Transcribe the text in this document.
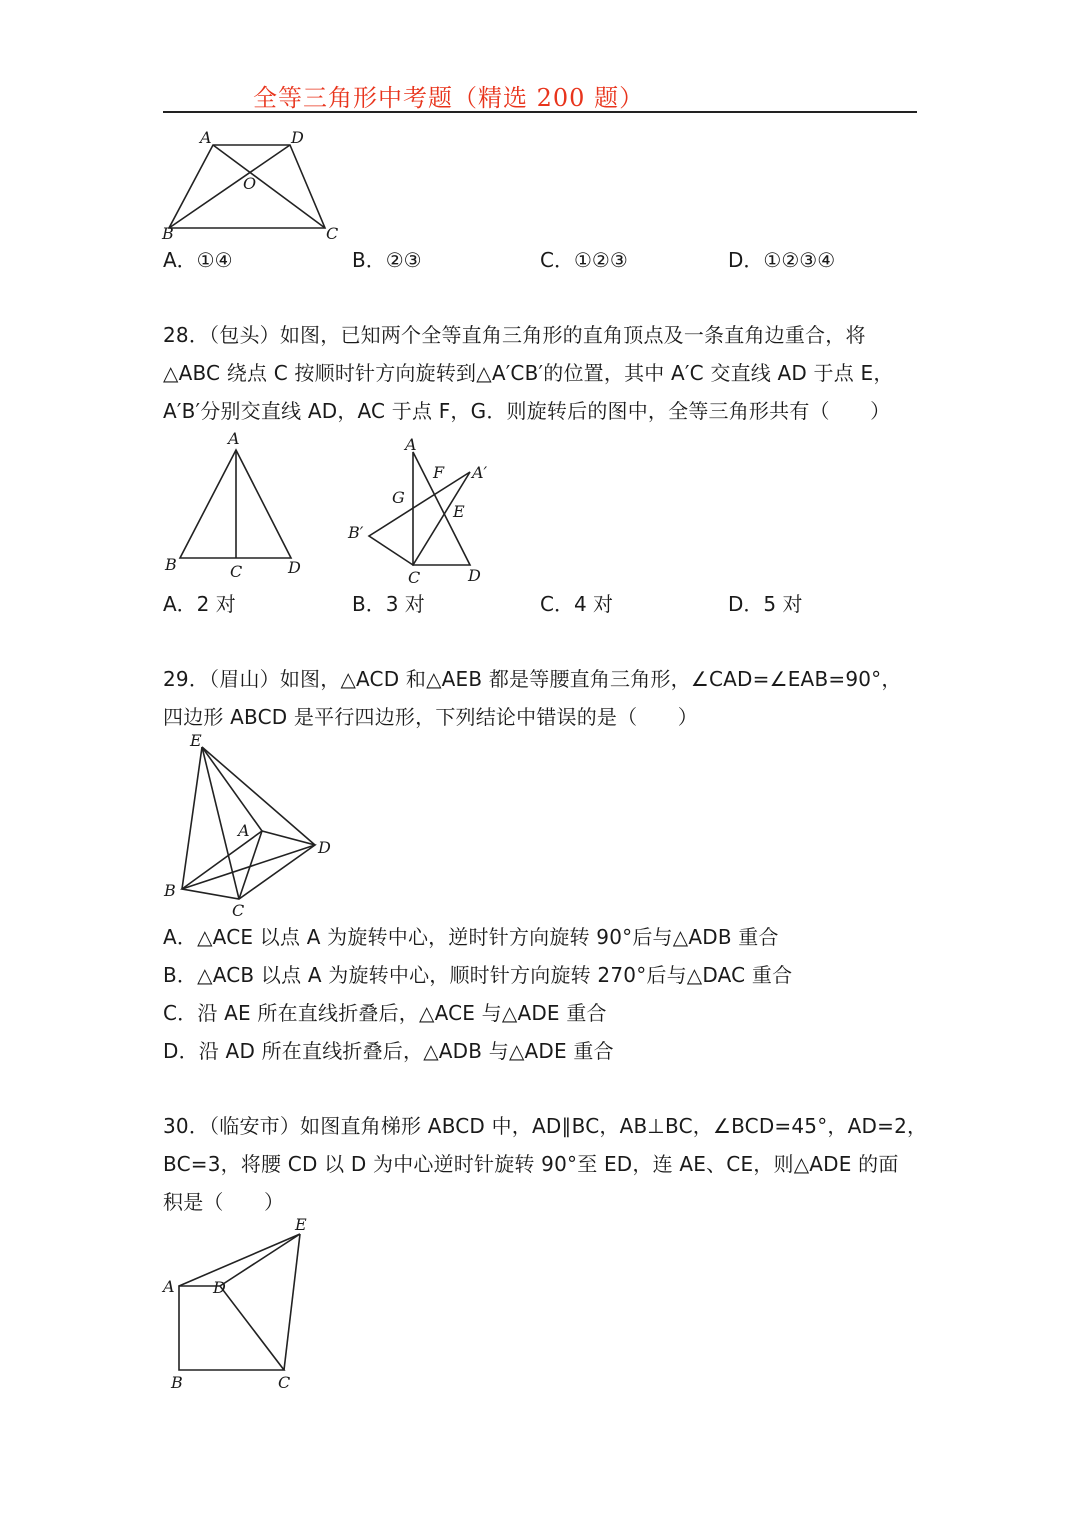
全等三角形中考题（精选 200 题）
A	D
O
B	C
A．①④	B．②③	C．①②③	D．①②③④
28．（包头）如图，已知两个全等直角三角形的直角顶点及一条直角边重合，将
△ABC 绕点 C 按顺时针方向旋转到△A′CB′的位置，其中 A′C 交直线 AD 于点 E，
A′B′分别交直线 AD，AC 于点 F，G．则旋转后的图中，全等三角形共有（　　）
A
B	C	D
A
F A′
G
E
B′
C	D
A．2 对	B．3 对	C．4 对	D．5 对
29．（眉山）如图，△ACD 和△AEB 都是等腰直角三角形，∠CAD=∠EAB=90°，
四边形 ABCD 是平行四边形，下列结论中错误的是（　　）
E
A
D
B
C
A．△ACE 以点 A 为旋转中心，逆时针方向旋转 90°后与△ADB 重合
B．△ACB 以点 A 为旋转中心，顺时针方向旋转 270°后与△DAC 重合
C．沿 AE 所在直线折叠后，△ACE 与△ADE 重合
D．沿 AD 所在直线折叠后，△ADB 与△ADE 重合
30．（临安市）如图直角梯形 ABCD 中，AD∥BC，AB⊥BC，∠BCD=45°，AD=2，
BC=3，将腰 CD 以 D 为中心逆时针旋转 90°至 ED，连 AE、CE，则△ADE 的面
积是（　　）
E
A D
B	C
